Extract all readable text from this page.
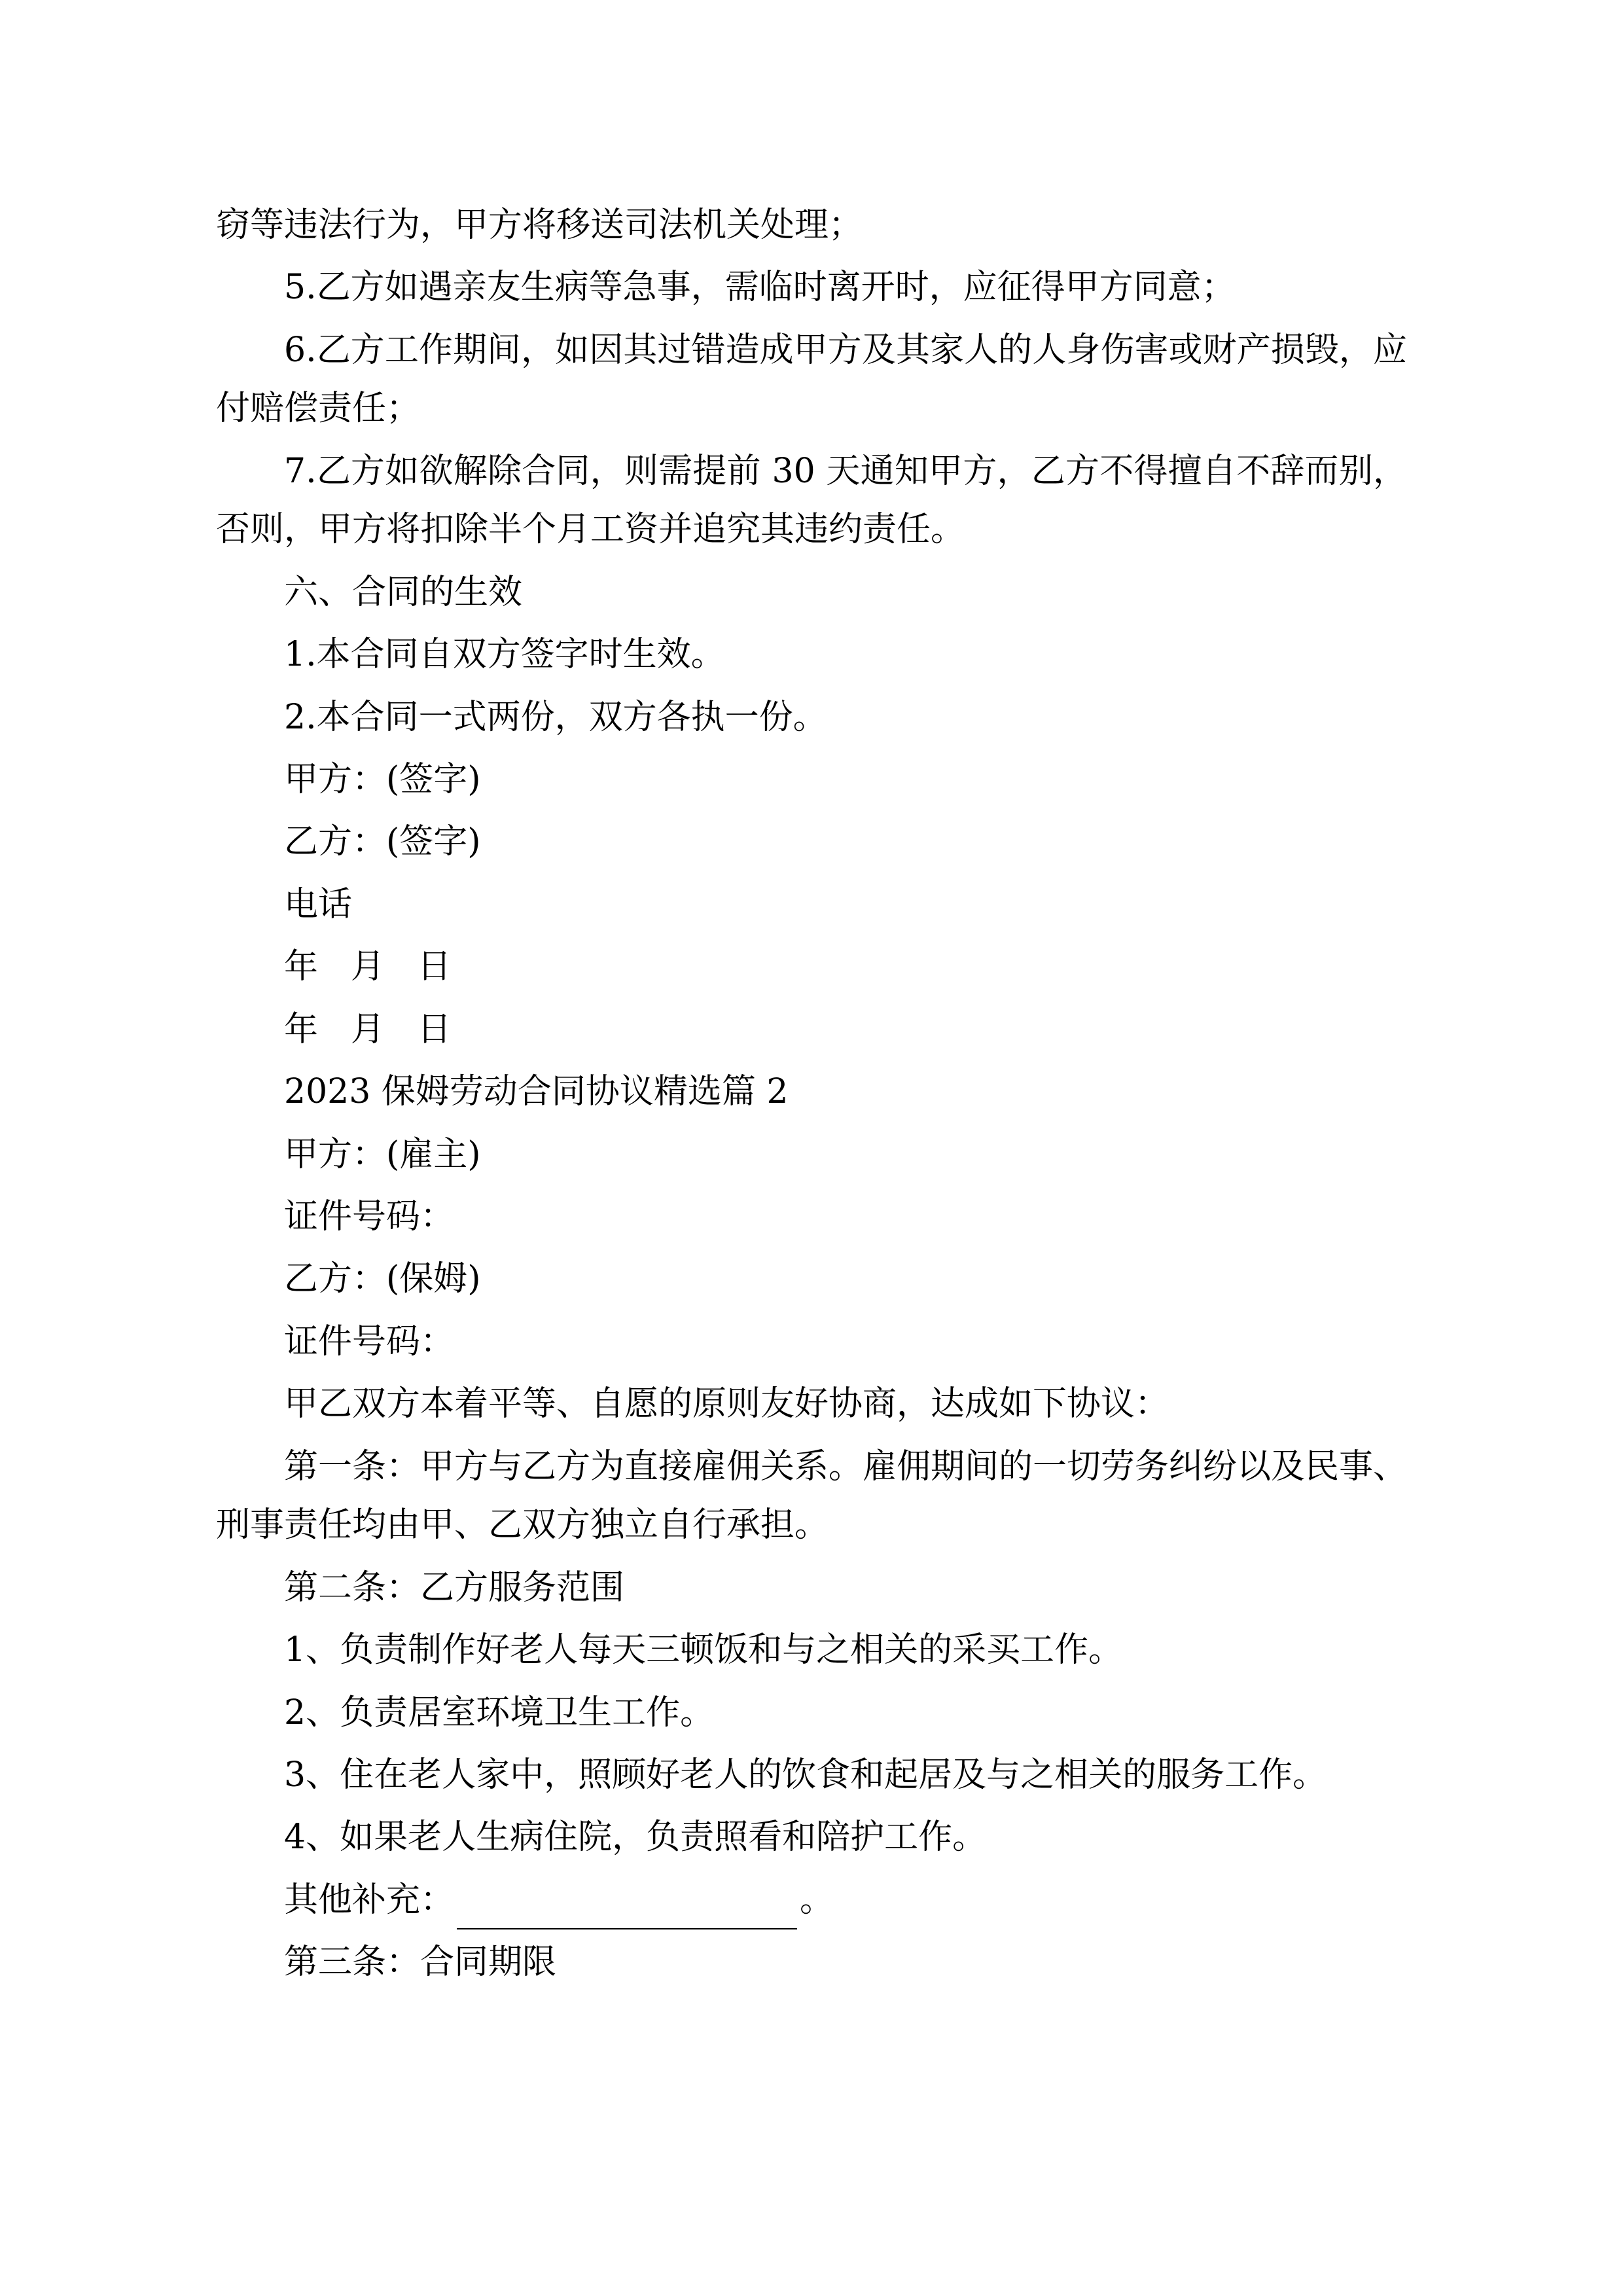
窃等违法行为，甲方将移送司法机关处理；

5.乙方如遇亲友生病等急事，需临时离开时，应征得甲方同意；

6.乙方工作期间，如因其过错造成甲方及其家人的人身伤害或财产损毁，应付赔偿责任；

7.乙方如欲解除合同，则需提前 30 天通知甲方，乙方不得擅自不辞而别，否则，甲方将扣除半个月工资并追究其违约责任。

六、合同的生效

1.本合同自双方签字时生效。

2.本合同一式两份，双方各执一份。

甲方：(签字)

乙方：(签字)

电话

年 月 日

年 月 日

2023 保姆劳动合同协议精选篇 2

甲方：(雇主)

证件号码：

乙方：(保姆)

证件号码：

甲乙双方本着平等、自愿的原则友好协商，达成如下协议：

第一条：甲方与乙方为直接雇佣关系。雇佣期间的一切劳务纠纷以及民事、刑事责任均由甲、乙双方独立自行承担。

第二条：乙方服务范围

1、负责制作好老人每天三顿饭和与之相关的采买工作。

2、负责居室环境卫生工作。

3、住在老人家中，照顾好老人的饮食和起居及与之相关的服务工作。

4、如果老人生病住院，负责照看和陪护工作。

其他补充：	。

第三条：合同期限
